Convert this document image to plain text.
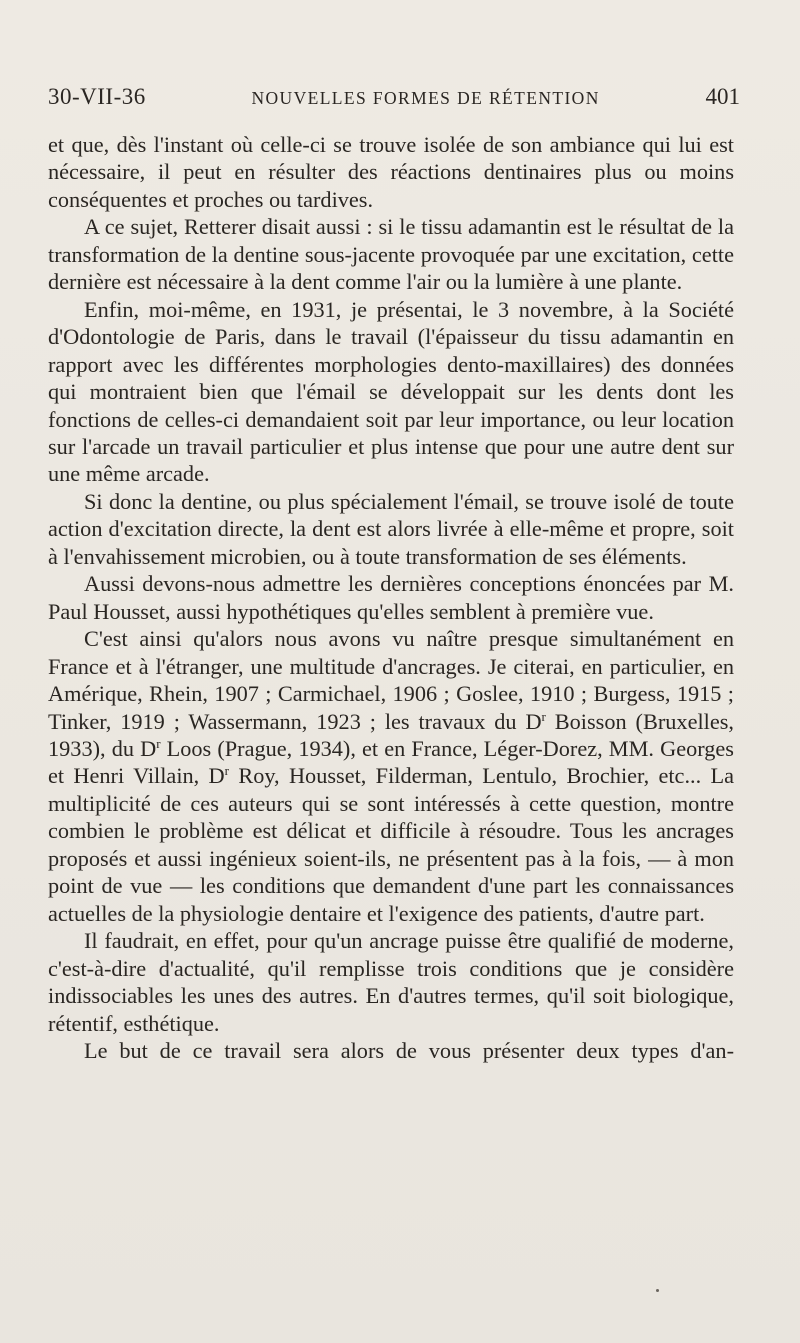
30-VII-36	NOUVELLES FORMES DE RÉTENTION	401

et que, dès l'instant où celle-ci se trouve isolée de son ambiance qui lui est nécessaire, il peut en résulter des réactions dentinaires plus ou moins conséquentes et proches ou tardives.

A ce sujet, Retterer disait aussi : si le tissu adamantin est le résultat de la transformation de la dentine sous-jacente provoquée par une excitation, cette dernière est nécessaire à la dent comme l'air ou la lumière à une plante.

Enfin, moi-même, en 1931, je présentai, le 3 novembre, à la Société d'Odontologie de Paris, dans le travail (l'épaisseur du tissu adamantin en rapport avec les différentes morphologies dento-maxillaires) des données qui montraient bien que l'émail se développait sur les dents dont les fonctions de celles-ci demandaient soit par leur importance, ou leur location sur l'arcade un travail particulier et plus intense que pour une autre dent sur une même arcade.

Si donc la dentine, ou plus spécialement l'émail, se trouve isolé de toute action d'excitation directe, la dent est alors livrée à elle-même et propre, soit à l'envahissement microbien, ou à toute transformation de ses éléments.

Aussi devons-nous admettre les dernières conceptions énoncées par M. Paul Housset, aussi hypothétiques qu'elles semblent à première vue.

C'est ainsi qu'alors nous avons vu naître presque simultanément en France et à l'étranger, une multitude d'ancrages. Je citerai, en particulier, en Amérique, Rhein, 1907 ; Carmichael, 1906 ; Goslee, 1910 ; Burgess, 1915 ; Tinker, 1919 ; Wassermann, 1923 ; les travaux du $D^r$ Boisson (Bruxelles, 1933), du $D^r$ Loos (Prague, 1934), et en France, Léger-Dorez, MM. Georges et Henri Villain, $D^r$ Roy, Housset, Filderman, Lentulo, Brochier, etc... La multiplicité de ces auteurs qui se sont intéressés à cette question, montre combien le problème est délicat et difficile à résoudre. Tous les ancrages proposés et aussi ingénieux soient-ils, ne présentent pas à la fois, — à mon point de vue — les conditions que demandent d'une part les connaissances actuelles de la physiologie dentaire et l'exigence des patients, d'autre part.

Il faudrait, en effet, pour qu'un ancrage puisse être qualifié de moderne, c'est-à-dire d'actualité, qu'il remplisse trois conditions que je considère indissociables les unes des autres. En d'autres termes, qu'il soit biologique, rétentif, esthétique.

Le but de ce travail sera alors de vous présenter deux types d'an-
